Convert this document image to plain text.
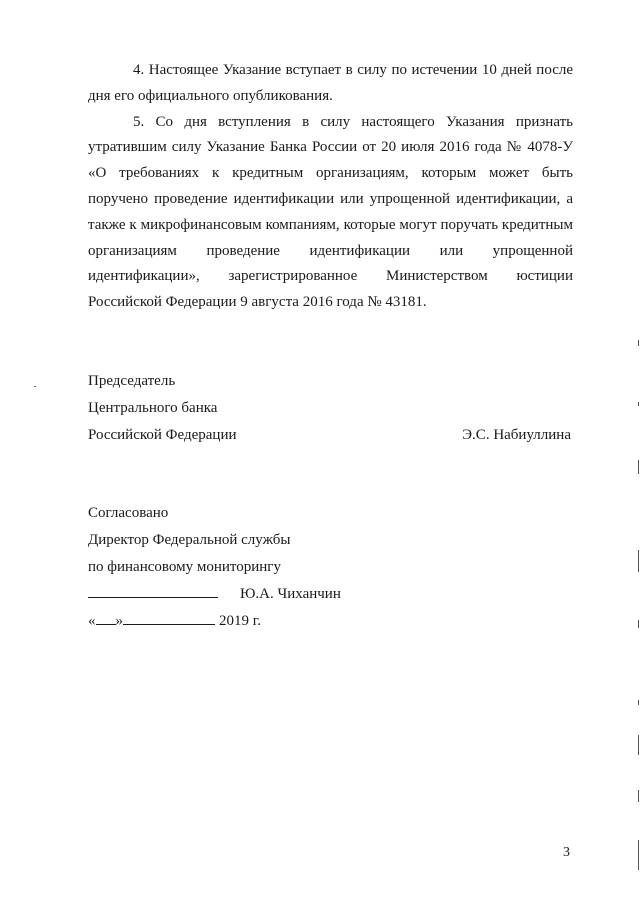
4. Настоящее Указание вступает в силу по истечении 10 дней после дня его официального опубликования.

5. Со дня вступления в силу настоящего Указания признать утратившим силу Указание Банка России от 20 июля 2016 года № 4078-У «О требованиях к кредитным организациям, которым может быть поручено проведение идентификации или упрощенной идентификации, а также к микрофинансовым компаниям, которые могут поручать кредитным организациям проведение идентификации или упрощенной идентификации», зарегистрированное Министерством юстиции Российской Федерации 9 августа 2016 года № 43181.

Председатель
Центрального банка
Российской Федерации	Э.С. Набиуллина
Согласовано
Директор Федеральной службы
по финансовому мониторингу
Ю.А. Чиханчин
« »	2019 г.
3
